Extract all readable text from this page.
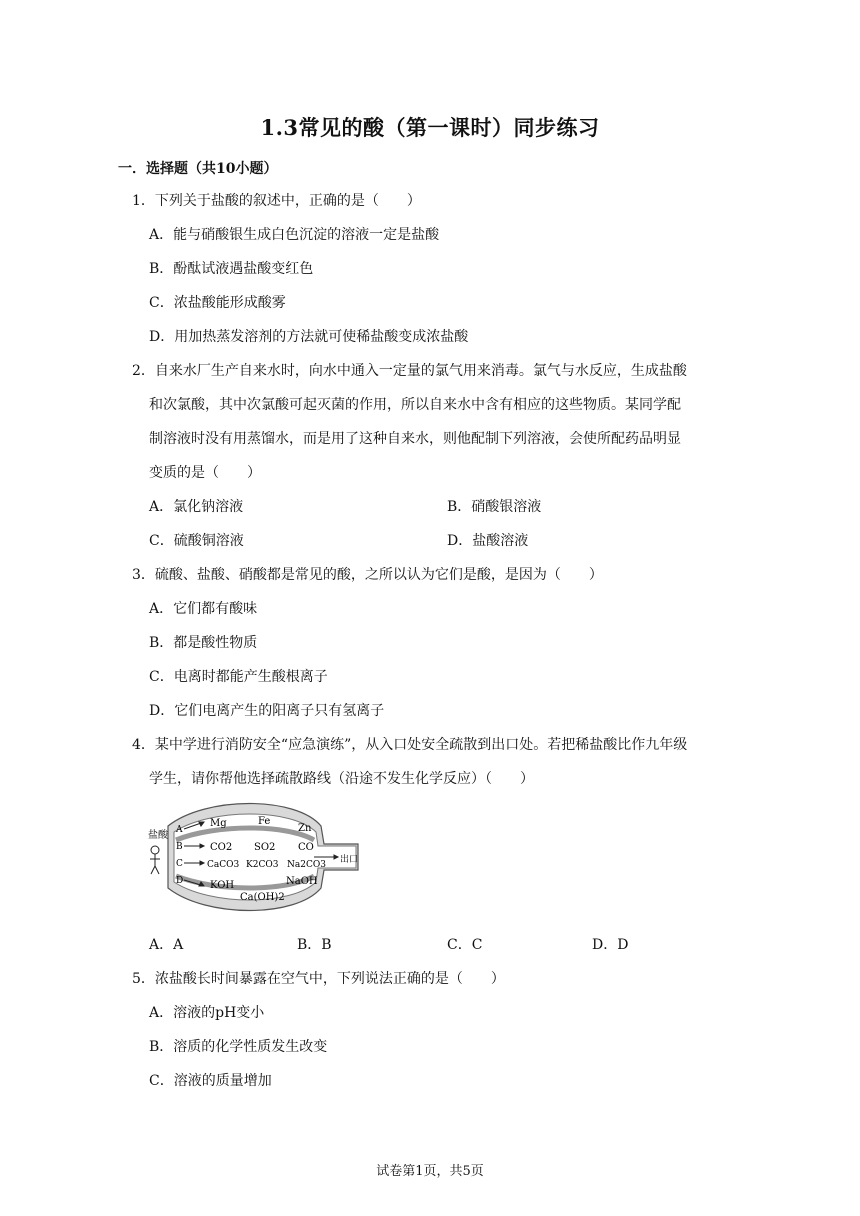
1.3常见的酸（第一课时）同步练习
一．选择题（共10小题）
1．下列关于盐酸的叙述中，正确的是（　　）
A．能与硝酸银生成白色沉淀的溶液一定是盐酸
B．酚酞试液遇盐酸变红色
C．浓盐酸能形成酸雾
D．用加热蒸发溶剂的方法就可使稀盐酸变成浓盐酸
2．自来水厂生产自来水时，向水中通入一定量的氯气用来消毒。氯气与水反应，生成盐酸
和次氯酸，其中次氯酸可起灭菌的作用，所以自来水中含有相应的这些物质。某同学配
制溶液时没有用蒸馏水，而是用了这种自来水，则他配制下列溶液，会使所配药品明显
变质的是（　　）
A．氯化钠溶液	B．硝酸银溶液
C．硫酸铜溶液	D．盐酸溶液
3．硫酸、盐酸、硝酸都是常见的酸，之所以认为它们是酸，是因为（　　）
A．它们都有酸味
B．都是酸性物质
C．电离时都能产生酸根离子
D．它们电离产生的阳离子只有氢离子
4．某中学进行消防安全“应急演练”，从入口处安全疏散到出口处。若把稀盐酸比作九年级
学生，请你帮他选择疏散路线（沿途不发生化学反应）（　　）
盐酸 A
B
C
D
Mg	Fe
Zn
CO2 SO2 CO
CaCO3 K2CO3 Na2CO3
KOH
Ca(OH)2
NaOH
出口
A．A	B．B	C．C	D．D
5．浓盐酸长时间暴露在空气中，下列说法正确的是（　　）
A．溶液的pH变小
B．溶质的化学性质发生改变
C．溶液的质量增加
试卷第1页，共5页
